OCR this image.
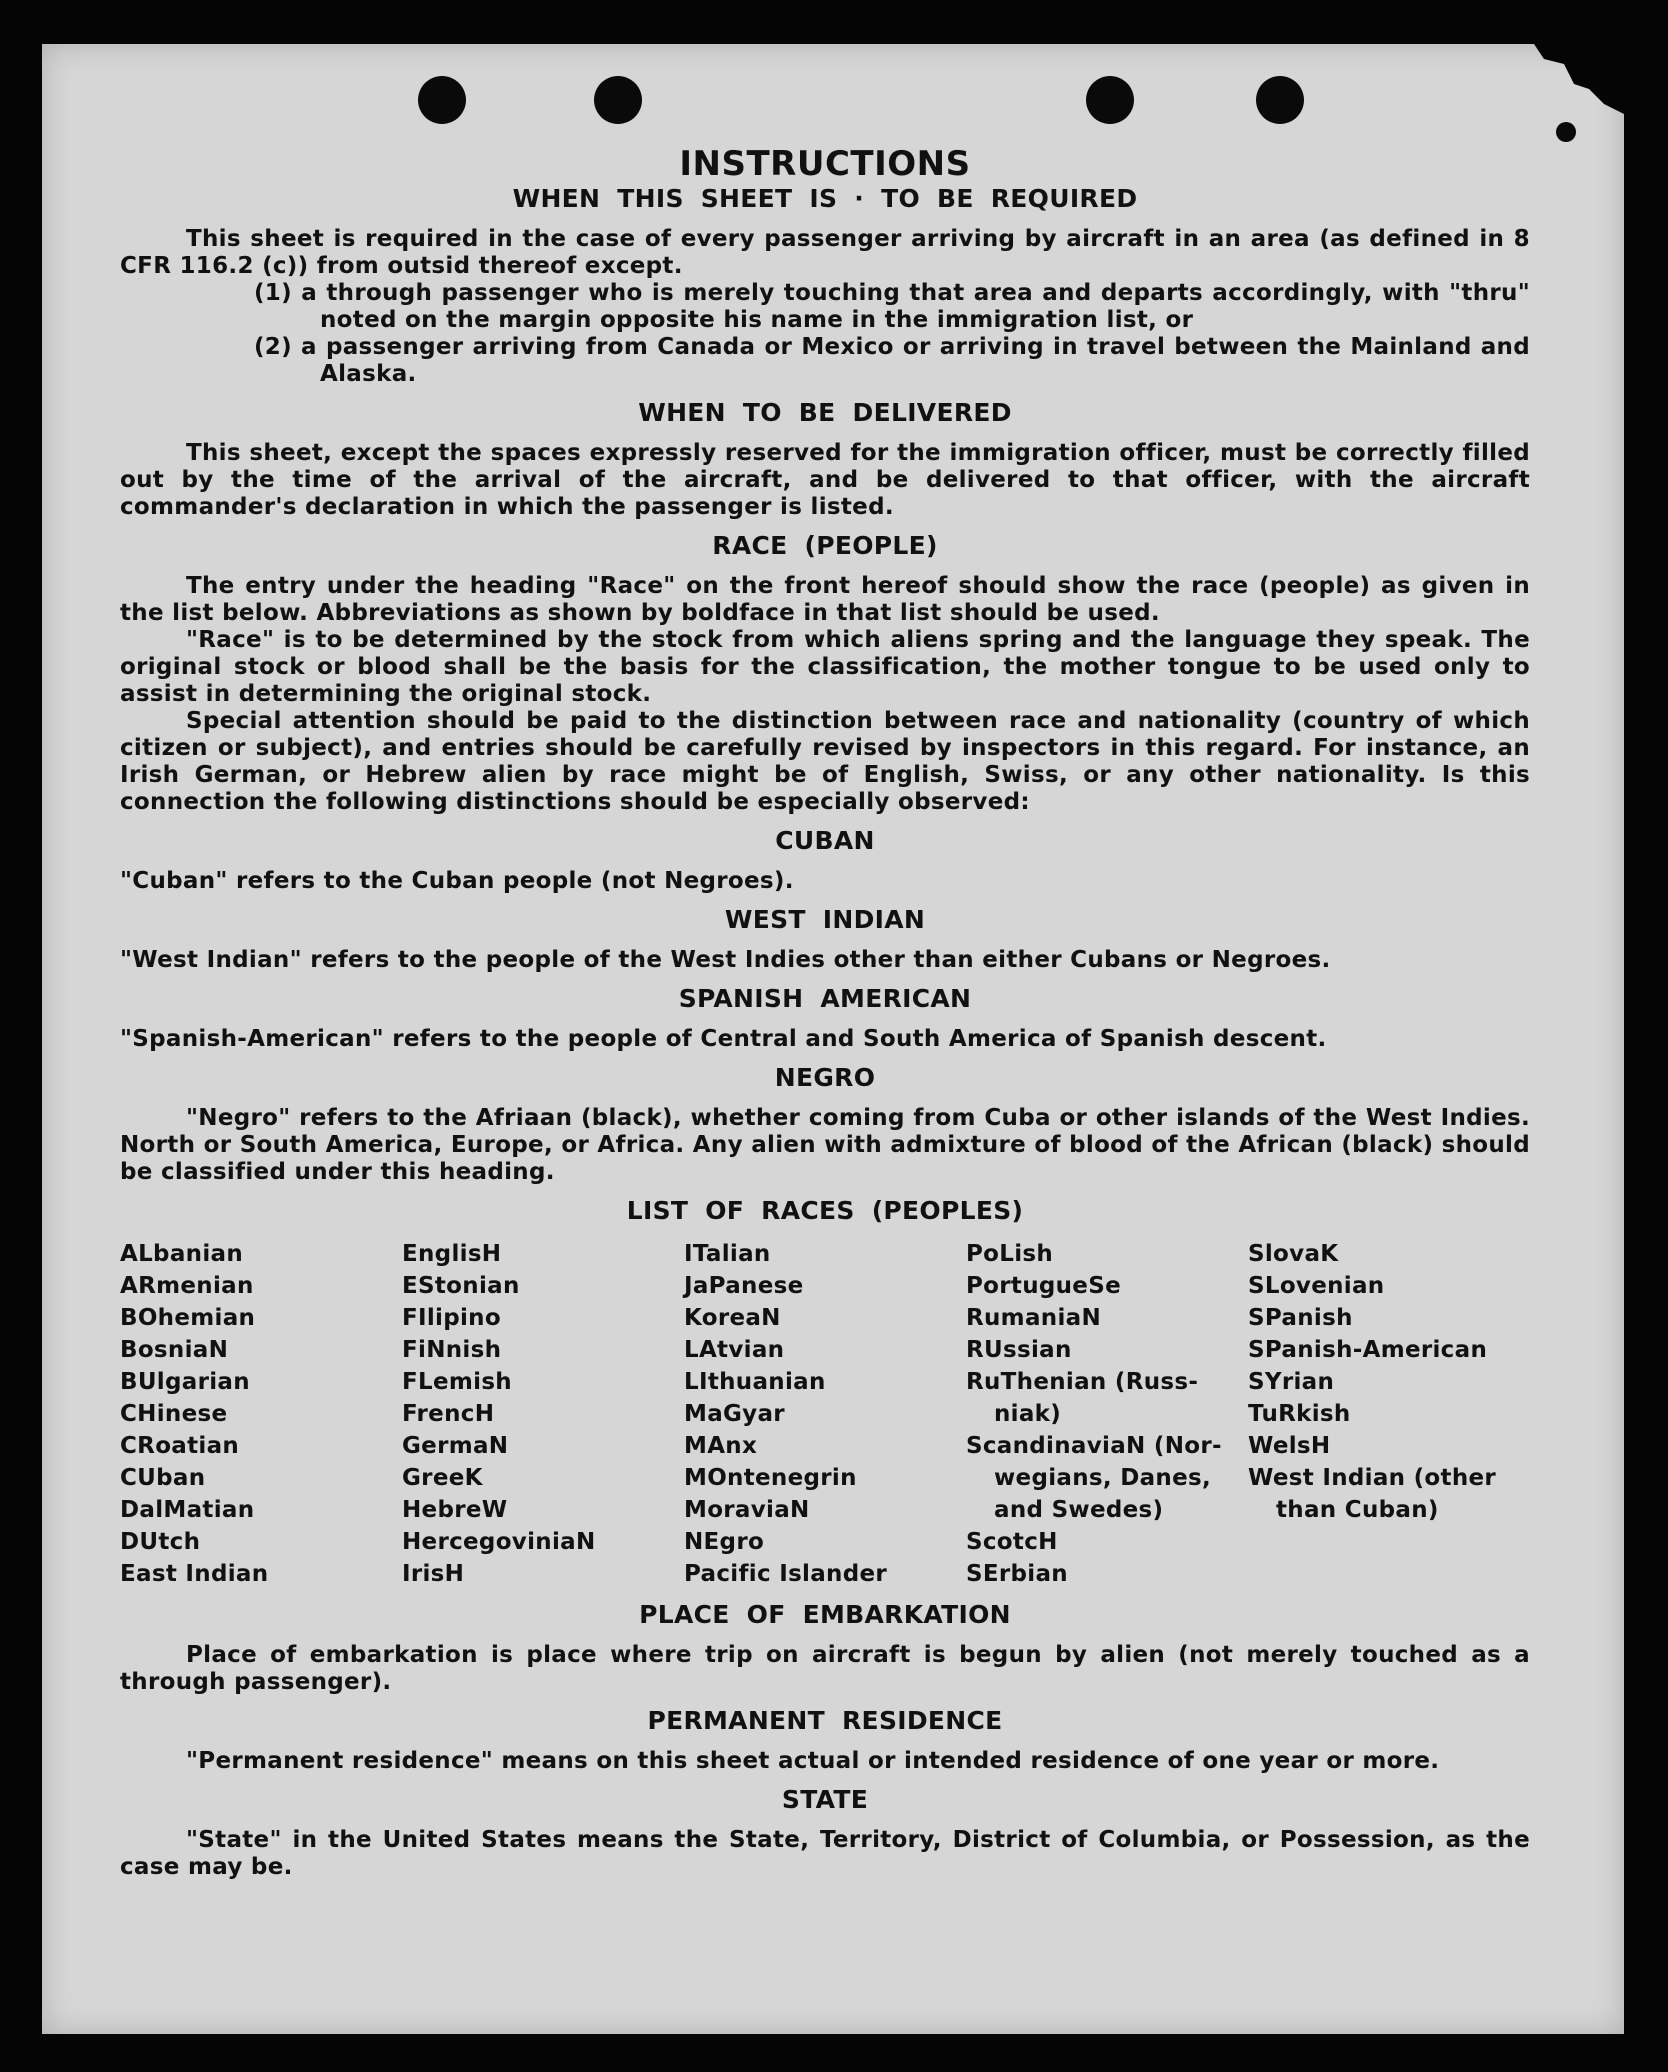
INSTRUCTIONS
WHEN THIS SHEET IS · TO BE REQUIRED

This sheet is required in the case of every passenger arriving by aircraft in an area (as defined in 8 CFR 116.2 (c)) from outsid thereof except.

(1) a through passenger who is merely touching that area and departs accordingly, with "thru" noted on the margin opposite his name in the immigration list, or

(2) a passenger arriving from Canada or Mexico or arriving in travel between the Mainland and Alaska.

WHEN TO BE DELIVERED

This sheet, except the spaces expressly reserved for the immigration officer, must be correctly filled out by the time of the arrival of the aircraft, and be delivered to that officer, with the aircraft commander's declaration in which the passenger is listed.

RACE (PEOPLE)

The entry under the heading "Race" on the front hereof should show the race (people) as given in the list below. Abbreviations as shown by boldface in that list should be used.

"Race" is to be determined by the stock from which aliens spring and the language they speak. The original stock or blood shall be the basis for the classification, the mother tongue to be used only to assist in determining the original stock.

Special attention should be paid to the distinction between race and nationality (country of which citizen or subject), and entries should be carefully revised by inspectors in this regard. For instance, an Irish German, or Hebrew alien by race might be of English, Swiss, or any other nationality. Is this connection the following distinctions should be especially observed:

CUBAN

"Cuban" refers to the Cuban people (not Negroes).

WEST INDIAN

"West Indian" refers to the people of the West Indies other than either Cubans or Negroes.

SPANISH AMERICAN

"Spanish-American" refers to the people of Central and South America of Spanish descent.

NEGRO

"Negro" refers to the Afriaan (black), whether coming from Cuba or other islands of the West Indies. North or South America, Europe, or Africa. Any alien with admixture of blood of the African (black) should be classified under this heading.

LIST OF RACES (PEOPLES)
ALbanian
ARmenian
BOhemian
BosniaN
BUlgarian
CHinese
CRoatian
CUban
DalMatian
DUtch
East Indian
EnglisH
EStonian
FIlipino
FiNnish
FLemish
FrencH
GermaN
GreeK
HebreW
HercegoviniaN
IrisH
ITalian
JaPanese
KoreaN
LAtvian
LIthuanian
MaGyar
MAnx
MOntenegrin
MoraviaN
NEgro
Pacific Islander
PoLish
PortugueSe
RumaniaN
RUssian
RuThenian (Russ-
niak)
ScandinaviaN (Nor-
wegians, Danes,
and Swedes)
ScotcH
SErbian
SlovaK
SLovenian
SPanish
SPanish-American
SYrian
TuRkish
WelsH
West Indian (other
than Cuban)
PLACE OF EMBARKATION

Place of embarkation is place where trip on aircraft is begun by alien (not merely touched as a through passenger).

PERMANENT RESIDENCE

"Permanent residence" means on this sheet actual or intended residence of one year or more.

STATE

"State" in the United States means the State, Territory, District of Columbia, or Possession, as the case may be.
